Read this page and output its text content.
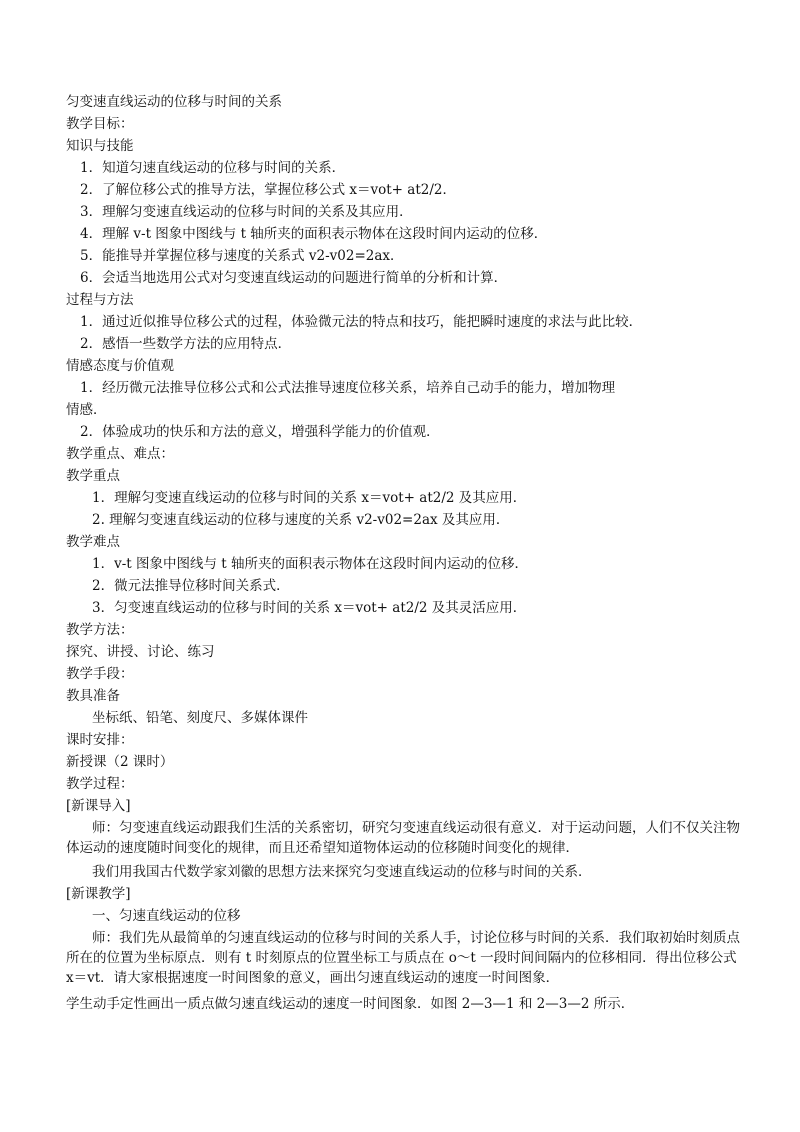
匀变速直线运动的位移与时间的关系
教学目标：
知识与技能
1．知道匀速直线运动的位移与时间的关系．
2．了解位移公式的推导方法，掌握位移公式 x＝vot+ at2/2．
3．理解匀变速直线运动的位移与时间的关系及其应用．
4．理解 v-t 图象中图线与 t 轴所夹的面积表示物体在这段时间内运动的位移．
5．能推导并掌握位移与速度的关系式 v2-v02=2ax．
6．会适当地选用公式对匀变速直线运动的问题进行简单的分析和计算．
过程与方法
1．通过近似推导位移公式的过程，体验微元法的特点和技巧，能把瞬时速度的求法与此比较．
2．感悟一些数学方法的应用特点．
情感态度与价值观
1．经历微元法推导位移公式和公式法推导速度位移关系，培养自己动手的能力，增加物理
情感．
2．体验成功的快乐和方法的意义，增强科学能力的价值观．
教学重点、难点：
教学重点
1．理解匀变速直线运动的位移与时间的关系 x＝vot+ at2/2 及其应用．
2. 理解匀变速直线运动的位移与速度的关系 v2-v02=2ax 及其应用．
教学难点
1．v-t 图象中图线与 t 轴所夹的面积表示物体在这段时间内运动的位移．
2．微元法推导位移时间关系式．
3．匀变速直线运动的位移与时间的关系 x＝vot+ at2/2 及其灵活应用．
教学方法：
探究、讲授、讨论、练习
教学手段：
教具准备
坐标纸、铅笔、刻度尺、多媒体课件
课时安排：
新授课（2 课时）
教学过程：
[新课导入]
师：匀变速直线运动跟我们生活的关系密切，研究匀变速直线运动很有意义．对于运动问题，人们不仅关注物体运动的速度随时间变化的规律，而且还希望知道物体运动的位移随时间变化的规律．
我们用我国古代数学家刘徽的思想方法来探究匀变速直线运动的位移与时间的关系．
[新课教学]
一、匀速直线运动的位移
师：我们先从最简单的匀速直线运动的位移与时间的关系人手，讨论位移与时间的关系．我们取初始时刻质点所在的位置为坐标原点．则有 t 时刻原点的位置坐标工与质点在 o～t 一段时间间隔内的位移相同．得出位移公式 x＝vt．请大家根据速度一时间图象的意义，画出匀速直线运动的速度一时间图象．
学生动手定性画出一质点做匀速直线运动的速度一时间图象．如图 2—3—1 和 2—3—2 所示．
